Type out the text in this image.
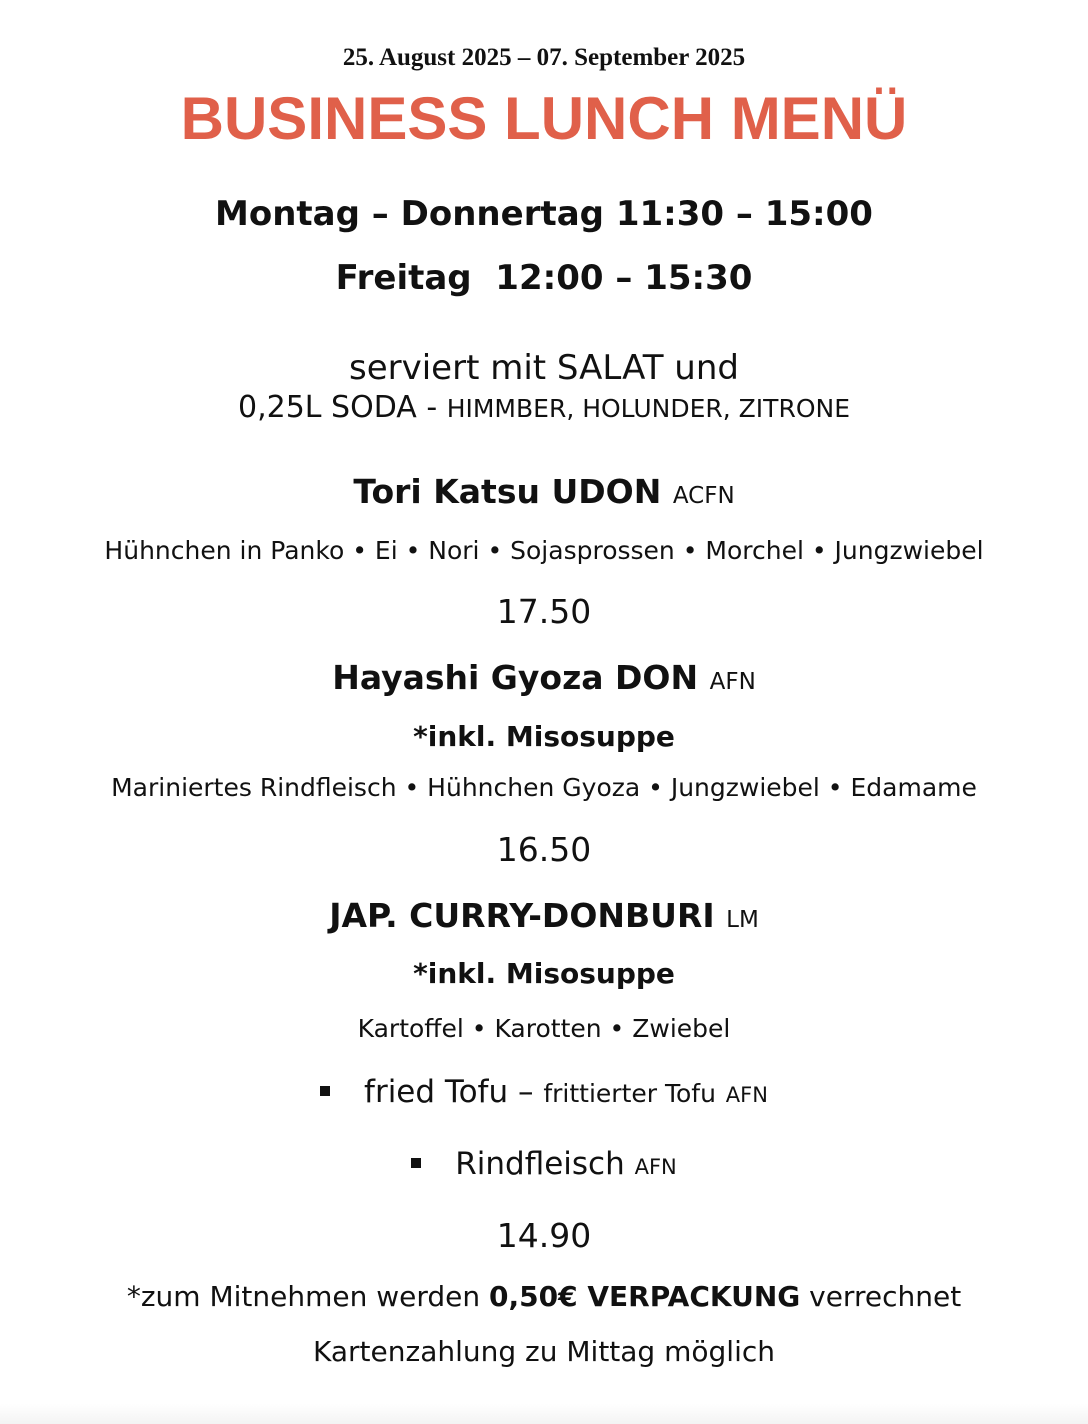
25. August 2025 – 07. September 2025
BUSINESS LUNCH MENÜ
Montag – Donnertag 11:30 – 15:00
Freitag  12:00 – 15:30
serviert mit SALAT und
0,25L SODA - HIMMBER, HOLUNDER, ZITRONE
Tori Katsu UDON ACFN
Hühnchen in Panko • Ei • Nori • Sojasprossen • Morchel • Jungzwiebel
17.50
Hayashi Gyoza DON AFN
*inkl. Misosuppe
Mariniertes Rindfleisch • Hühnchen Gyoza • Jungzwiebel • Edamame
16.50
JAP. CURRY-DONBURI LM
*inkl. Misosuppe
Kartoffel • Karotten • Zwiebel
fried Tofu – frittierter Tofu AFN
Rindfleisch AFN
14.90
*zum Mitnehmen werden 0,50€ VERPACKUNG verrechnet
Kartenzahlung zu Mittag möglich
